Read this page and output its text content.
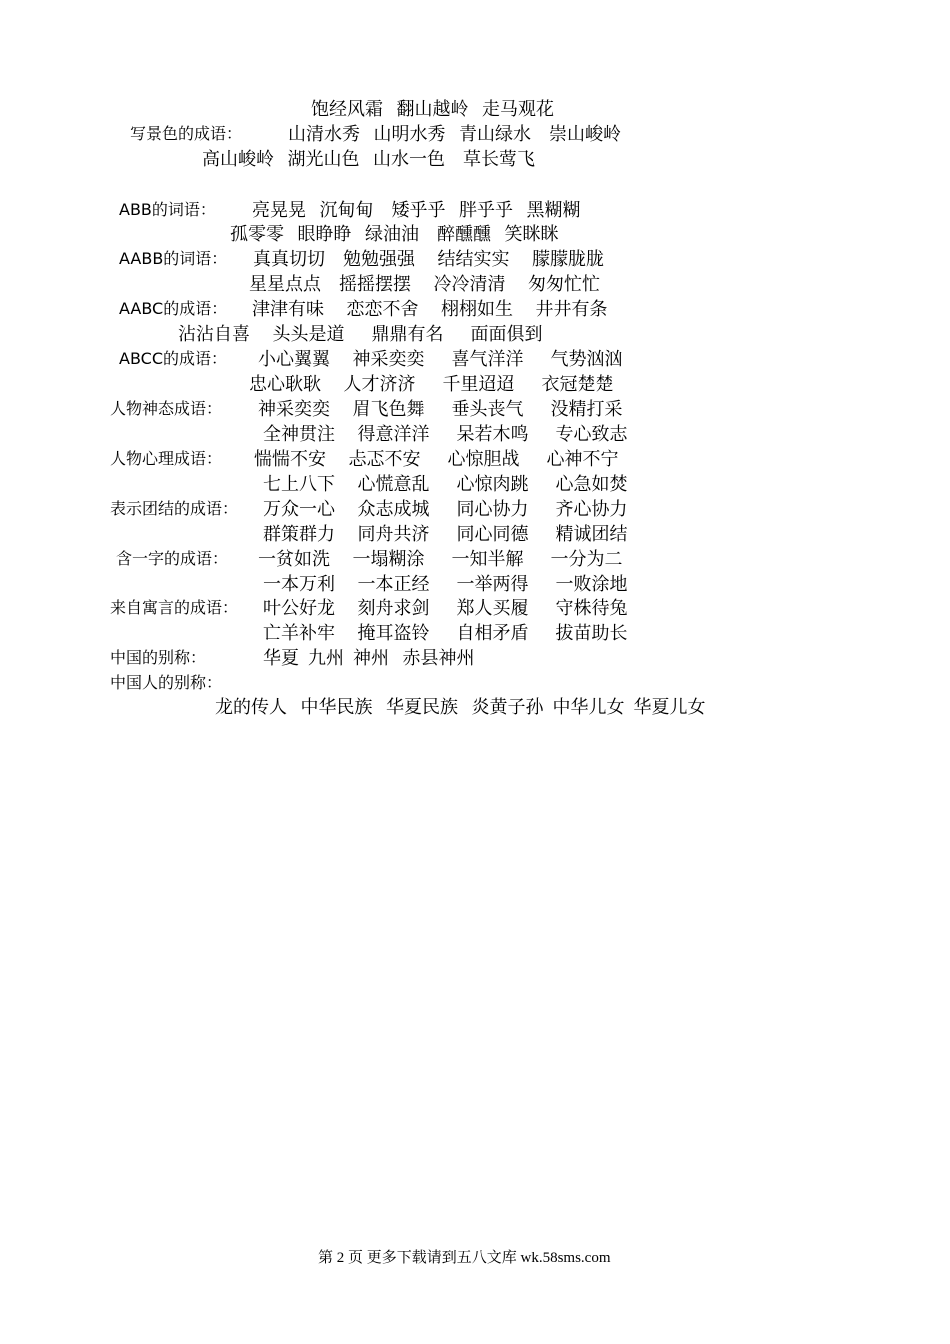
饱经风霜   翻山越岭   走马观花
写景色的成语：	山清水秀   山明水秀   青山绿水    崇山峻岭
高山峻岭   湖光山色   山水一色    草长莺飞
ABB的词语： 亮晃晃   沉甸甸    矮乎乎   胖乎乎   黑糊糊
孤零零   眼睁睁   绿油油    醉醺醺   笑眯眯
AABB的词语： 真真切切    勉勉强强     结结实实     朦朦胧胧
星星点点    摇摇摆摆     冷冷清清     匆匆忙忙
AABC的成语： 津津有味     恋恋不舍     栩栩如生     井井有条
沾沾自喜     头头是道      鼎鼎有名      面面俱到
ABCC的成语： 小心翼翼     神采奕奕      喜气洋洋      气势汹汹
忠心耿耿     人才济济      千里迢迢      衣冠楚楚
人物神态成语： 神采奕奕     眉飞色舞      垂头丧气      没精打采
全神贯注     得意洋洋      呆若木鸣      专心致志
人物心理成语： 惴惴不安     忐忑不安      心惊胆战      心神不宁
七上八下     心慌意乱      心惊肉跳      心急如焚
表示团结的成语： 万众一心     众志成城      同心协力      齐心协力
群策群力     同舟共济      同心同德      精诚团结
含一字的成语： 一贫如洗     一塌糊涂      一知半解      一分为二
一本万利     一本正经      一举两得      一败涂地
来自寓言的成语： 叶公好龙     刻舟求剑      郑人买履      守株待兔
亡羊补牢     掩耳盗铃      自相矛盾      拔苗助长
中国的别称：	华夏  九州  神州   赤县神州
中国人的别称：
龙的传人   中华民族   华夏民族   炎黄子孙  中华儿女  华夏儿女
第 2 页 更多下载请到五八文库 wk.58sms.com
